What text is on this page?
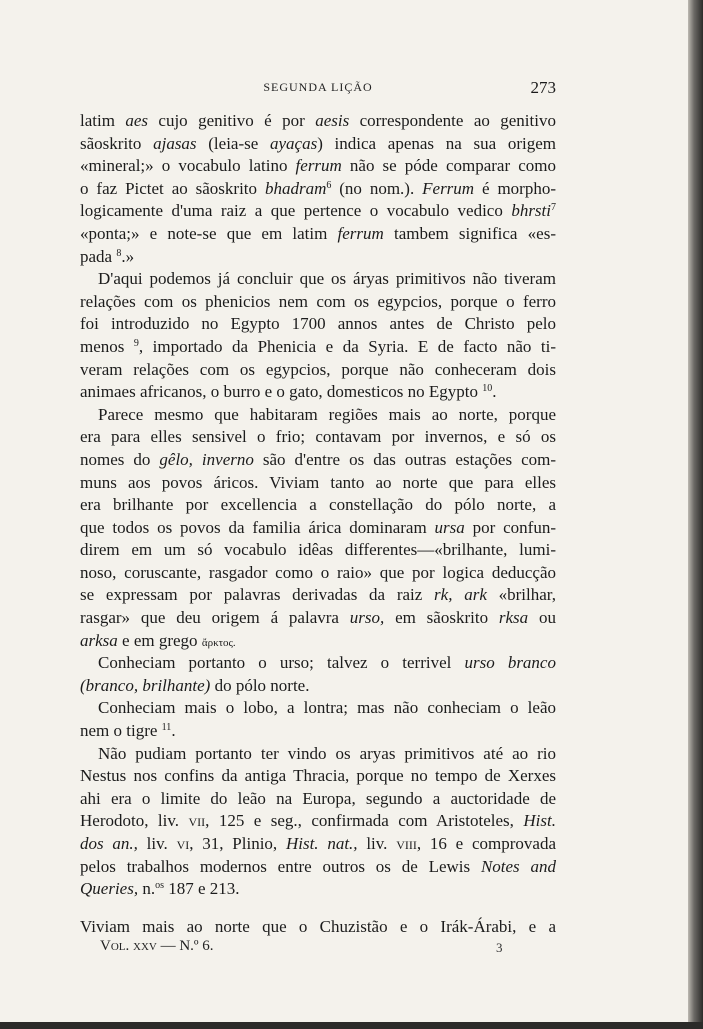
SEGUNDA LIÇÃO	273
latim aes cujo genitivo é por aesis correspondente ao genitivo
sãoskrito ajasas (leia-se ayaças) indica apenas na sua origem
«mineral;» o vocabulo latino ferrum não se póde comparar como
o faz Pictet ao sãoskrito bhadram$^6$ (no nom.). Ferrum é morpho-
logicamente d'uma raiz a que pertence o vocabulo vedico bhrsti$^7$
«ponta;» e note-se que em latim ferrum tambem significa «es-
pada $^8$.»
D'aqui podemos já concluir que os áryas primitivos não tiveram
relações com os phenicios nem com os egypcios, porque o ferro
foi introduzido no Egypto 1700 annos antes de Christo pelo
menos $^9$, importado da Phenicia e da Syria. E de facto não ti-
veram relações com os egypcios, porque não conheceram dois
animaes africanos, o burro e o gato, domesticos no Egypto $^{10}$.
Parece mesmo que habitaram regiões mais ao norte, porque
era para elles sensivel o frio; contavam por invernos, e só os
nomes do gêlo, inverno são d'entre os das outras estações com-
muns aos povos áricos. Viviam tanto ao norte que para elles
era brilhante por excellencia a constellação do pólo norte, a
que todos os povos da familia árica dominaram ursa por confun-
direm em um só vocabulo idêas differentes—«brilhante, lumi-
noso, coruscante, rasgador como o raio» que por logica deducção
se expressam por palavras derivadas da raiz rk, ark «brilhar,
rasgar» que deu origem á palavra urso, em sãoskrito rksa ou
arksa e em grego ἄρκτος.
Conheciam portanto o urso; talvez o terrivel urso branco
(branco, brilhante) do pólo norte.
Conheciam mais o lobo, a lontra; mas não conheciam o leão
nem o tigre $^{11}$.
Não pudiam portanto ter vindo os aryas primitivos até ao rio
Nestus nos confins da antiga Thracia, porque no tempo de Xerxes
ahi era o limite do leão na Europa, segundo a auctoridade de
Herodoto, liv. vii, 125 e seg., confirmada com Aristoteles, Hist.
dos an., liv. vi, 31, Plinio, Hist. nat., liv. viii, 16 e comprovada
pelos trabalhos modernos entre outros os de Lewis Notes and
Queries, n.$^{os}$ 187 e 213.
Viviam mais ao norte que o Chuzistão e o Irák-Árabi, e a
Vol. xxv — N.º 6.	3
